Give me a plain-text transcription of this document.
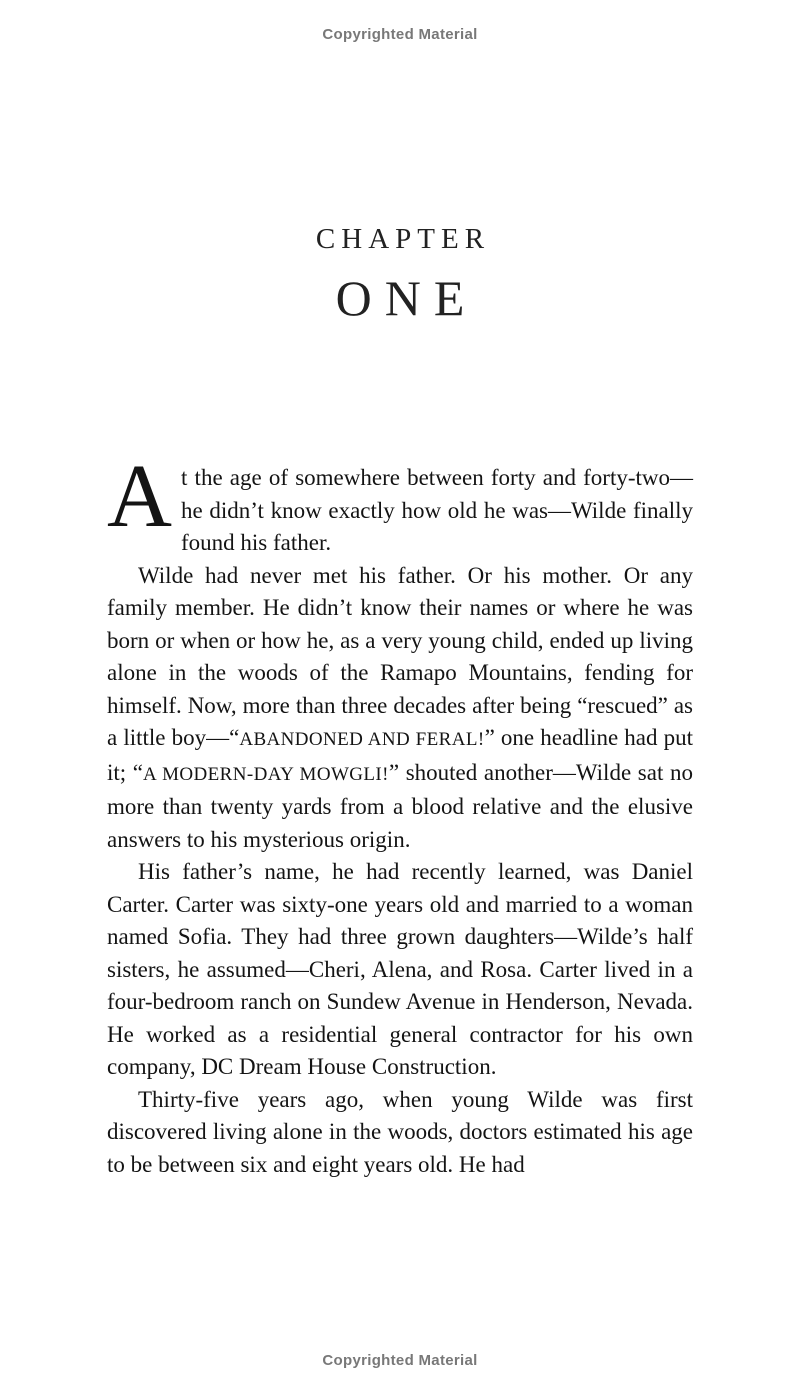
Copyrighted Material
CHAPTER
ONE

At the age of somewhere between forty and forty-two—he didn’t know exactly how old he was—Wilde finally found his father.

Wilde had never met his father. Or his mother. Or any family member. He didn’t know their names or where he was born or when or how he, as a very young child, ended up living alone in the woods of the Ramapo Mountains, fending for himself. Now, more than three decades after being “rescued” as a little boy—“ABANDONED AND FERAL!” one headline had put it; “A MODERN-DAY MOWGLI!” shouted another—Wilde sat no more than twenty yards from a blood relative and the elusive answers to his mysterious origin.

His father’s name, he had recently learned, was Daniel Carter. Carter was sixty-one years old and married to a woman named Sofia. They had three grown daughters—Wilde’s half sisters, he assumed—Cheri, Alena, and Rosa. Carter lived in a four-bedroom ranch on Sundew Avenue in Henderson, Nevada. He worked as a residential general contractor for his own company, DC Dream House Construction.

Thirty-five years ago, when young Wilde was first discovered living alone in the woods, doctors estimated his age to be between six and eight years old. He had

Copyrighted Material
